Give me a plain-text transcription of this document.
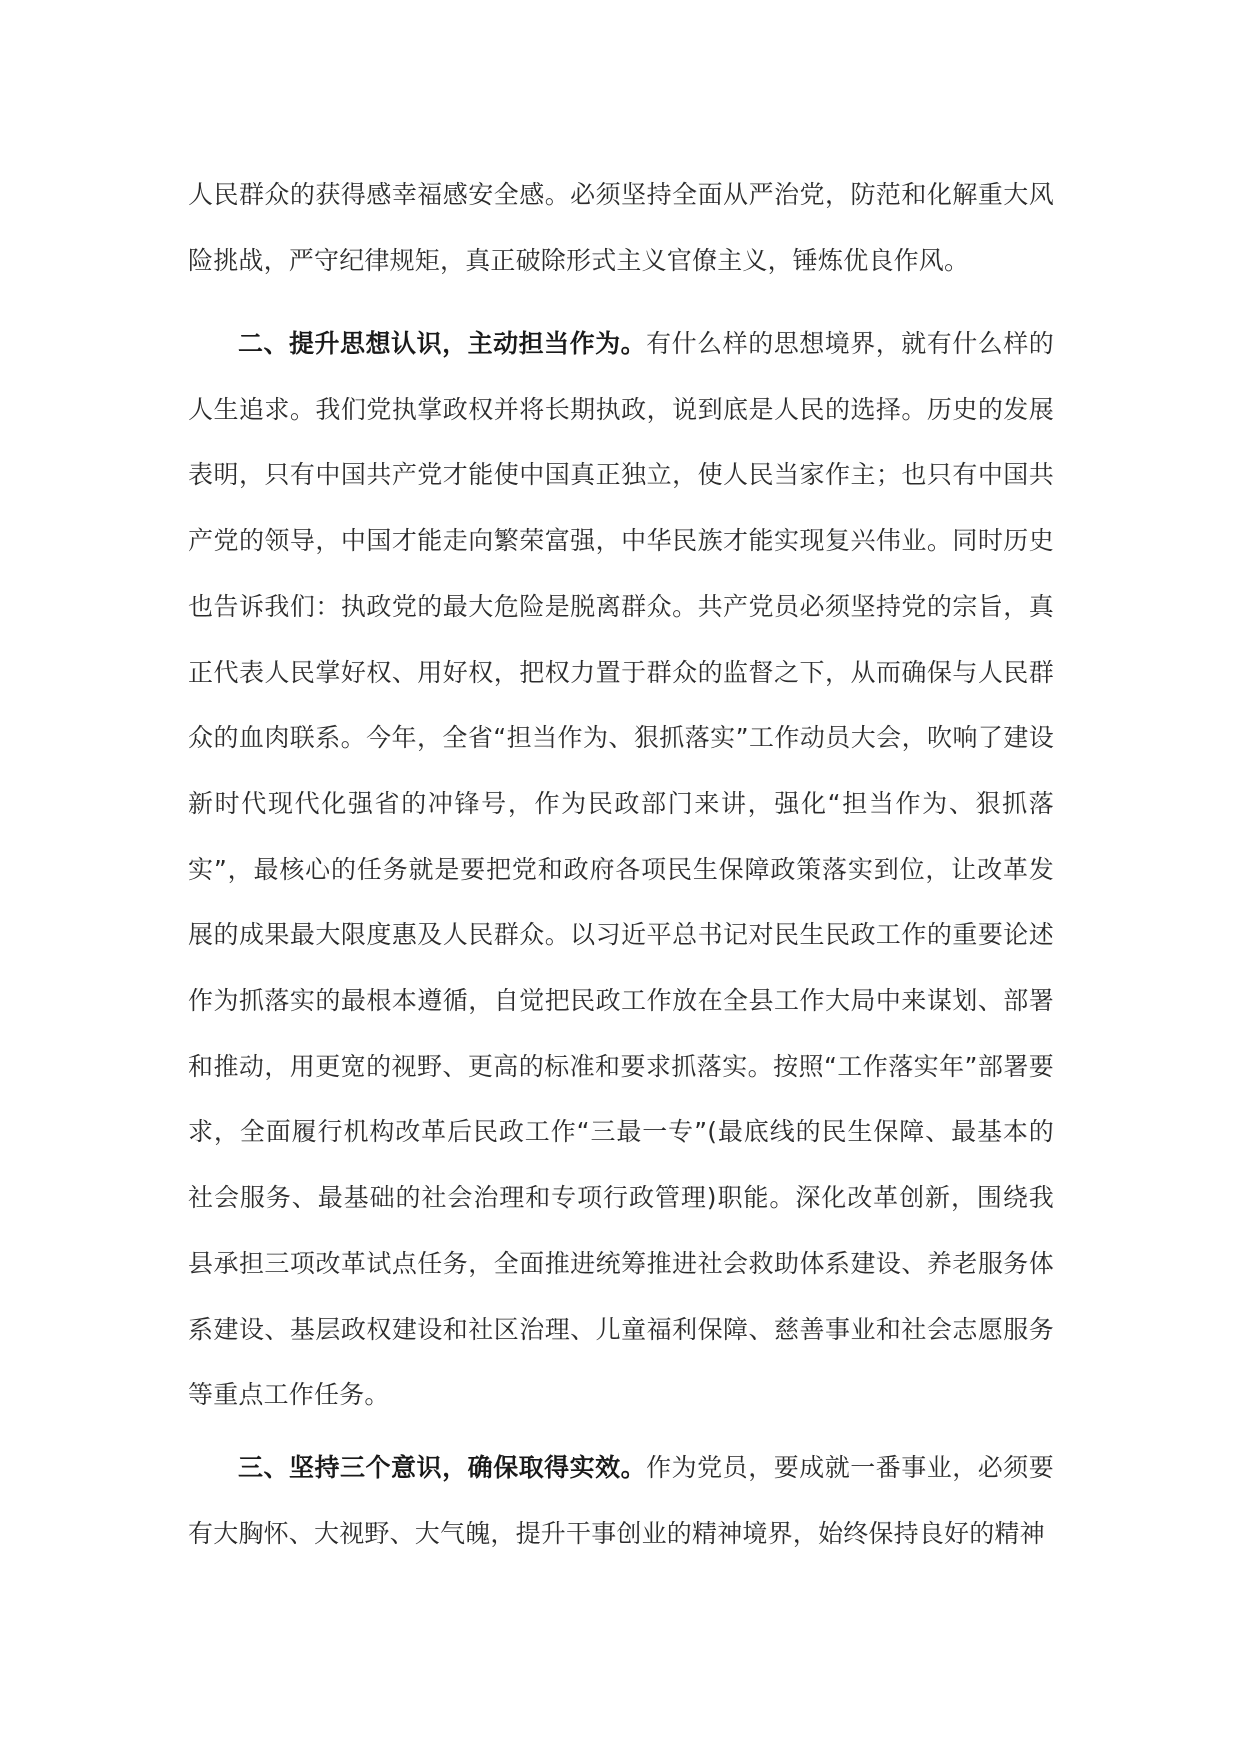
人民群众的获得感幸福感安全感。必须坚持全面从严治党，防范和化解重大风险挑战，严守纪律规矩，真正破除形式主义官僚主义，锤炼优良作风。

二、提升思想认识，主动担当作为。有什么样的思想境界，就有什么样的人生追求。我们党执掌政权并将长期执政，说到底是人民的选择。历史的发展表明，只有中国共产党才能使中国真正独立，使人民当家作主；也只有中国共产党的领导，中国才能走向繁荣富强，中华民族才能实现复兴伟业。同时历史也告诉我们：执政党的最大危险是脱离群众。共产党员必须坚持党的宗旨，真正代表人民掌好权、用好权，把权力置于群众的监督之下，从而确保与人民群众的血肉联系。今年，全省“担当作为、狠抓落实”工作动员大会，吹响了建设新时代现代化强省的冲锋号，作为民政部门来讲，强化“担当作为、狠抓落实”，最核心的任务就是要把党和政府各项民生保障政策落实到位，让改革发展的成果最大限度惠及人民群众。以习近平总书记对民生民政工作的重要论述作为抓落实的最根本遵循，自觉把民政工作放在全县工作大局中来谋划、部署和推动，用更宽的视野、更高的标准和要求抓落实。按照“工作落实年”部署要求，全面履行机构改革后民政工作“三最一专”(最底线的民生保障、最基本的社会服务、最基础的社会治理和专项行政管理)职能。深化改革创新，围绕我县承担三项改革试点任务，全面推进统筹推进社会救助体系建设、养老服务体系建设、基层政权建设和社区治理、儿童福利保障、慈善事业和社会志愿服务等重点工作任务。

三、坚持三个意识，确保取得实效。作为党员，要成就一番事业，必须要有大胸怀、大视野、大气魄，提升干事创业的精神境界，始终保持良好的精神
